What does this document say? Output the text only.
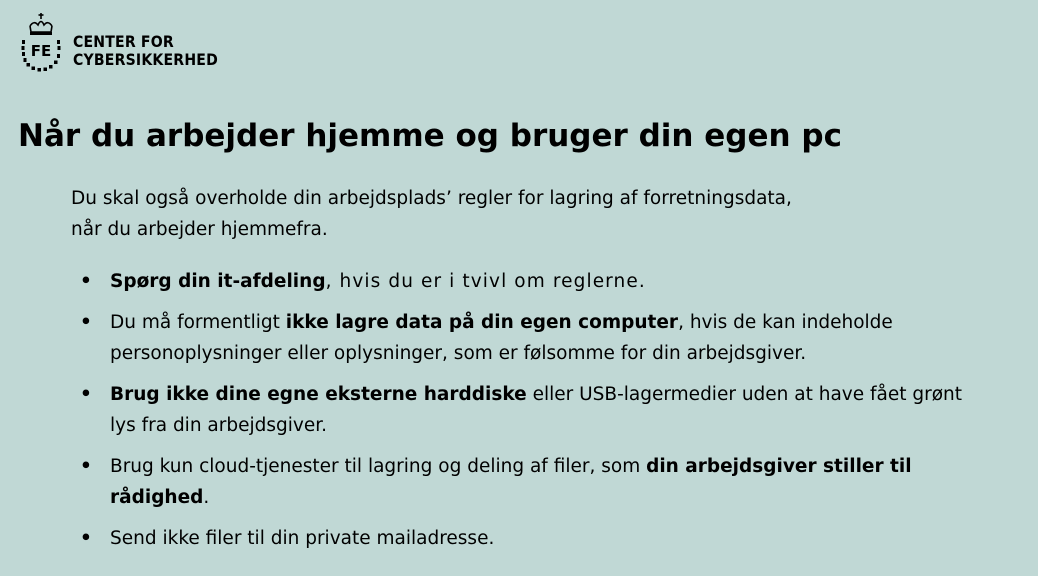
FE	CENTER FOR
CYBERSIKKERHED
Når du arbejder hjemme og bruger din egen pc

Du skal også overholde din arbejdsplads’ regler for lagring af forretningsdata,
når du arbejder hjemmefra.

• Spørg din it-afdeling, hvis du er i tvivl om reglerne.
• Du må formentligt ikke lagre data på din egen computer, hvis de kan indeholde personoplysninger eller oplysninger, som er følsomme for din arbejdsgiver.
• Brug ikke dine egne eksterne harddiske eller USB-lagermedier uden at have fået grønt lys fra din arbejdsgiver.
• Brug kun cloud-tjenester til lagring og deling af filer, som din arbejdsgiver stiller til rådighed.
• Send ikke filer til din private mailadresse.
